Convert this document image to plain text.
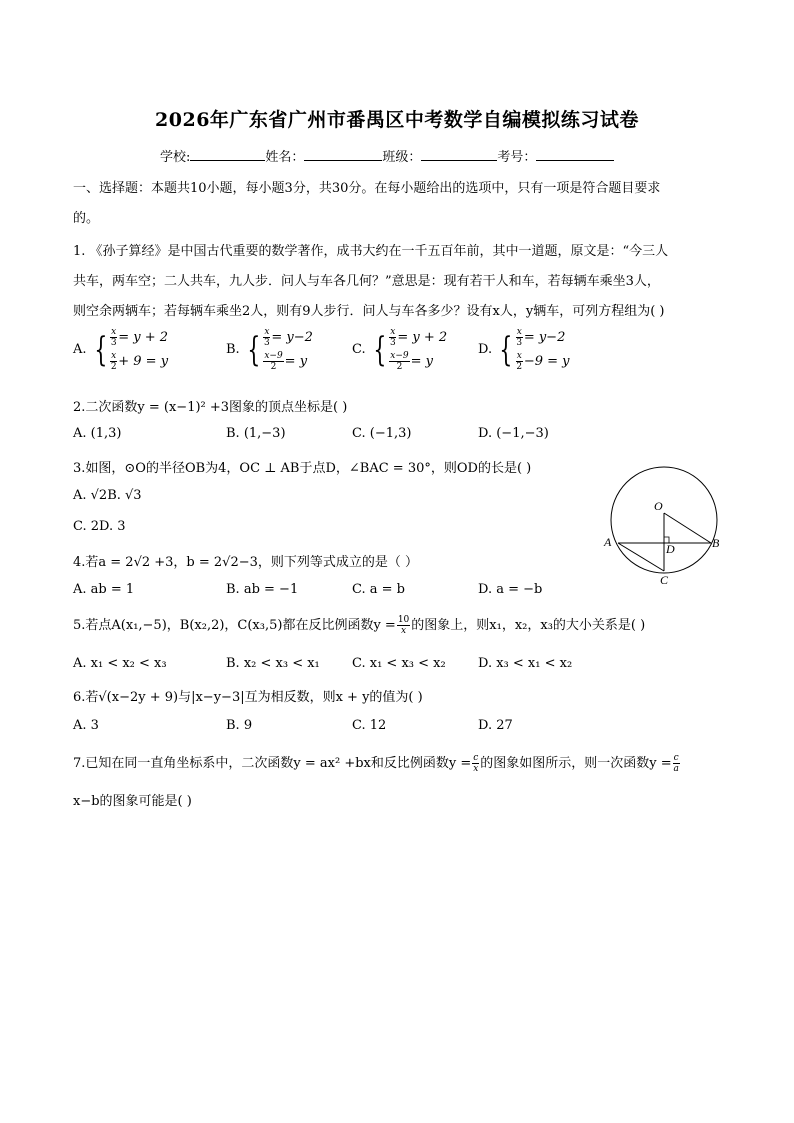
2026年广东省广州市番禺区中考数学自编模拟练习试卷
学校:	姓名：	班级：	考号：
一、选择题：本题共10小题，每小题3分，共30分。在每小题给出的选项中，只有一项是符合题目要求
的。
1. 《孙子算经》是中国古代重要的数学著作，成书大约在一千五百年前，其中一道题，原文是：“今三人
共车，两车空；二人共车，九人步．问人与车各几何？”意思是：现有若干人和车，若每辆车乘坐3人，
则空余两辆车；若每辆车乘坐2人，则有9人步行．问人与车各多少？设有x人，y辆车，可列方程组为( )
A. { $\frac{x}{3} = y + 2$
$\frac{x}{2} + 9 = y$
B. { $\frac{x}{3} = y-2$
$\frac{x-9}{2} = y$
C. { $\frac{x}{3} = y + 2$
$\frac{x-9}{2} = y$
D. { $\frac{x}{3} = y-2$
$\frac{x}{2} -9 = y$
2.二次函数y = (x−1)² +3图象的顶点坐标是( )
A. (1,3)	B. (1,−3)	C. (−1,3)	D. (−1,−3)
3.如图，⊙O的半径OB为4，OC ⊥ AB于点D，∠BAC = 30°，则OD的长是( )
A. √2B. √3
C. 2D. 3
O
A	B
C
D
4.若a = 2√2 +3，b = 2√2−3，则下列等式成立的是（ ）
A. ab = 1	B. ab = −1	C. a = b	D. a = −b
5.若点A(x₁,−5)，B(x₂,2)，C(x₃,5)都在反比例函数$y = \frac{10}{x}$ 的图象上，则x₁，x₂，x₃的大小关系是( )
A. x₁ < x₂ < x₃	B. x₂ < x₃ < x₁ C. x₁ < x₃ < x₂ D. x₃ < x₁ < x₂
6.若√(x−2y + 9)与|x−y−3|互为相反数，则x + y的值为( )
A. 3	B. 9	C. 12	D. 27
7.已知在同一直角坐标系中，二次函数y = ax² +bx和反比例函数$y = \frac{c}{x}$ 的图象如图所示，则一次函数$y = \frac{c}{a}$
x−b的图象可能是( )
